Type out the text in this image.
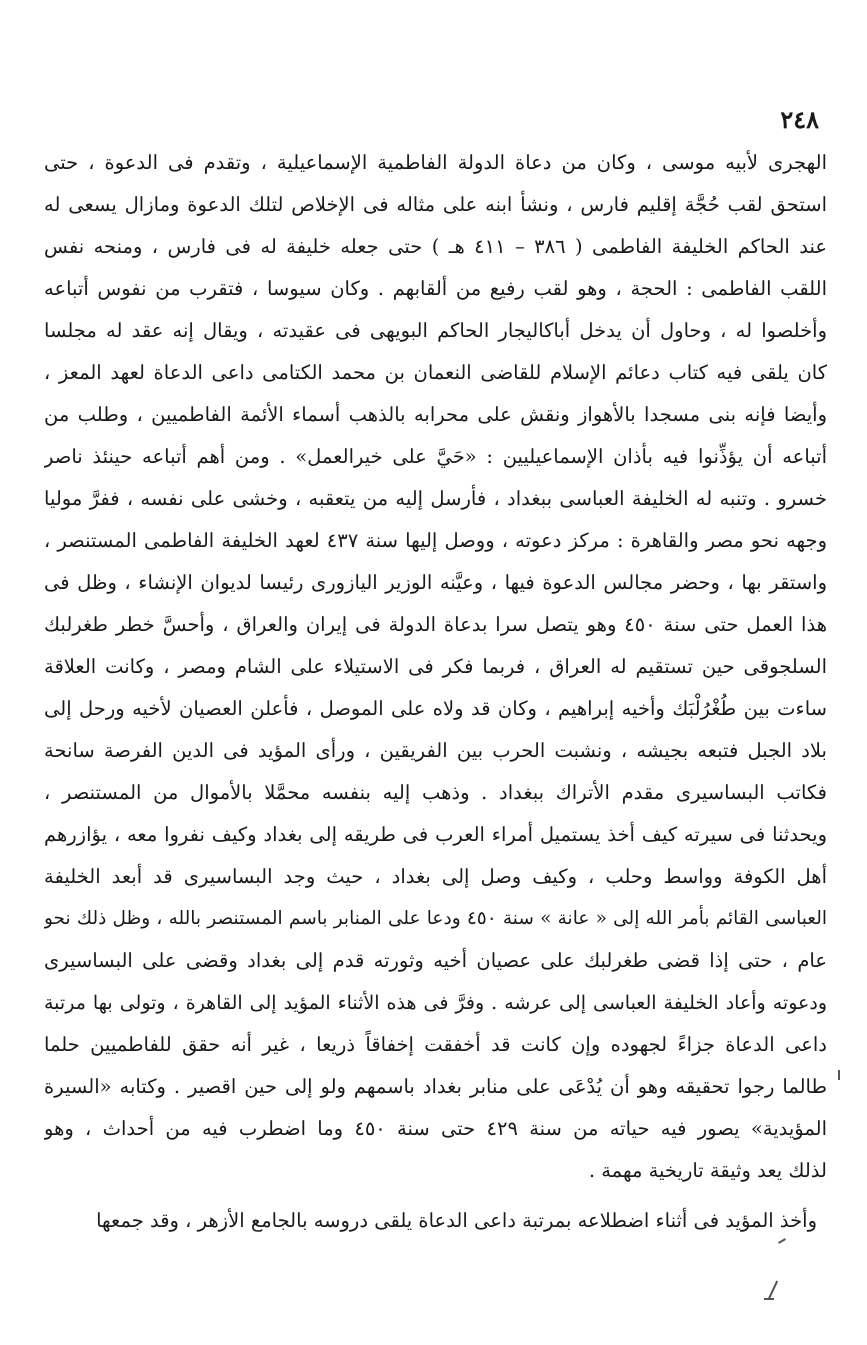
٢٤٨
الهجرى لأبيه موسى ، وكان من دعاة الدولة الفاطمية الإسماعيلية ، وتقدم فى الدعوة ، حتى
استحق لقب حُجَّة إقليم فارس ، ونشأ ابنه على مثاله فى الإخلاص لتلك الدعوة ومازال يسعى له
عند الحاكم الخليفة الفاطمى ( ٣٨٦ – ٤١١ هـ ) حتى جعله خليفة له فى فارس ، ومنحه نفس
اللقب الفاطمى : الحجة ، وهو لقب رفيع من ألقابهم . وكان سيوسا ، فتقرب من نفوس أتباعه
وأخلصوا له ، وحاول أن يدخل أباكاليجار الحاكم البويهى فى عقيدته ، ويقال إنه عقد له مجلسا
كان يلقى فيه كتاب دعائم الإسلام للقاضى النعمان بن محمد الكتامى داعى الدعاة لعهد المعز ،
وأيضا فإنه بنى مسجدا بالأهواز ونقش على محرابه بالذهب أسماء الأئمة الفاطميين ، وطلب من
أتباعه أن يؤذِّنوا فيه بأذان الإسماعيليين : «حَيَّ على خيرالعمل» . ومن أهم أتباعه حينئذ ناصر
خسرو . وتنبه له الخليفة العباسى ببغداد ، فأرسل إليه من يتعقبه ، وخشى على نفسه ، ففرَّ موليا
وجهه نحو مصر والقاهرة : مركز دعوته ، ووصل إليها سنة ٤٣٧ لعهد الخليفة الفاطمى المستنصر ،
واستقر بها ، وحضر مجالس الدعوة فيها ، وعيَّنه الوزير اليازورى رئيسا لديوان الإنشاء ، وظل فى
هذا العمل حتى سنة ٤٥٠ وهو يتصل سرا بدعاة الدولة فى إيران والعراق ، وأحسَّ خطر طغرلبك
السلجوقى حين تستقيم له العراق ، فربما فكر فى الاستيلاء على الشام ومصر ، وكانت العلاقة
ساءت بين طُغْرُلْبَك وأخيه إبراهيم ، وكان قد ولاه على الموصل ، فأعلن العصيان لأخيه ورحل إلى
بلاد الجبل فتبعه بجيشه ، ونشبت الحرب بين الفريقين ، ورأى المؤيد فى الدين الفرصة سانحة
فكاتب البساسيرى مقدم الأتراك ببغداد . وذهب إليه بنفسه محمَّلا بالأموال من المستنصر ،
ويحدثنا فى سيرته كيف أخذ يستميل أمراء العرب فى طريقه إلى بغداد وكيف نفروا معه ، يؤازرهم
أهل الكوفة وواسط وحلب ، وكيف وصل إلى بغداد ، حيث وجد البساسيرى قد أبعد الخليفة
العباسى القائم بأمر الله إلى « عانة » سنة ٤٥٠ ودعا على المنابر باسم المستنصر بالله ، وظل ذلك نحو
عام ، حتى إذا قضى طغرلبك على عصيان أخيه وثورته قدم إلى بغداد وقضى على البساسيرى
ودعوته وأعاد الخليفة العباسى إلى عرشه . وفرَّ فى هذه الأثناء المؤيد إلى القاهرة ، وتولى بها مرتبة
داعى الدعاة جزاءً لجهوده وإن كانت قد أخفقت إخفاقاً ذريعا ، غير أنه حقق للفاطميين حلما
طالما رجوا تحقيقه وهو أن يُدْعَى على منابر بغداد باسمهم ولو إلى حين اقصير . وكتابه «السيرة
المؤيدية» يصور فيه حياته من سنة ٤٢٩ حتى سنة ٤٥٠ وما اضطرب فيه من أحداث ، وهو
لذلك يعد وثيقة تاريخية مهمة .
وأخذ المؤيد فى أثناء اضطلاعه بمرتبة داعى الدعاة يلقى دروسه بالجامع الأزهر ، وقد جمعها
